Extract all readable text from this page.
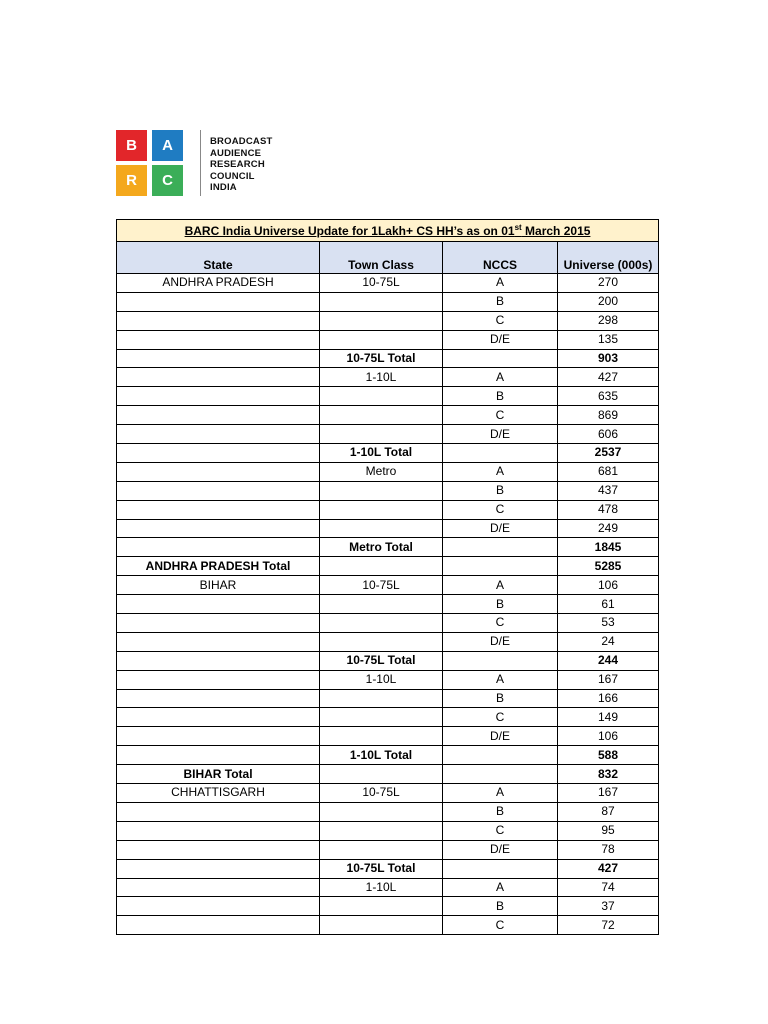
B	A
R	C
BROADCAST
AUDIENCE
RESEARCH
COUNCIL
INDIA
BARC India Universe Update for 1Lakh+ CS HH’s as on 01st March 2015			
State	Town Class	NCCS	Universe (000s)
ANDHRA PRADESH	10-75L	A	270
		B	200
		C	298
		D/E	135
	10-75L Total		903
	1-10L	A	427
		B	635
		C	869
		D/E	606
	1-10L Total		2537
	Metro	A	681
		B	437
		C	478
		D/E	249
	Metro Total		1845
ANDHRA PRADESH Total			5285
BIHAR	10-75L	A	106
		B	61
		C	53
		D/E	24
	10-75L Total		244
	1-10L	A	167
		B	166
		C	149
		D/E	106
	1-10L Total		588
BIHAR Total			832
CHHATTISGARH	10-75L	A	167
		B	87
		C	95
		D/E	78
	10-75L Total		427
	1-10L	A	74
		B	37
		C	72
